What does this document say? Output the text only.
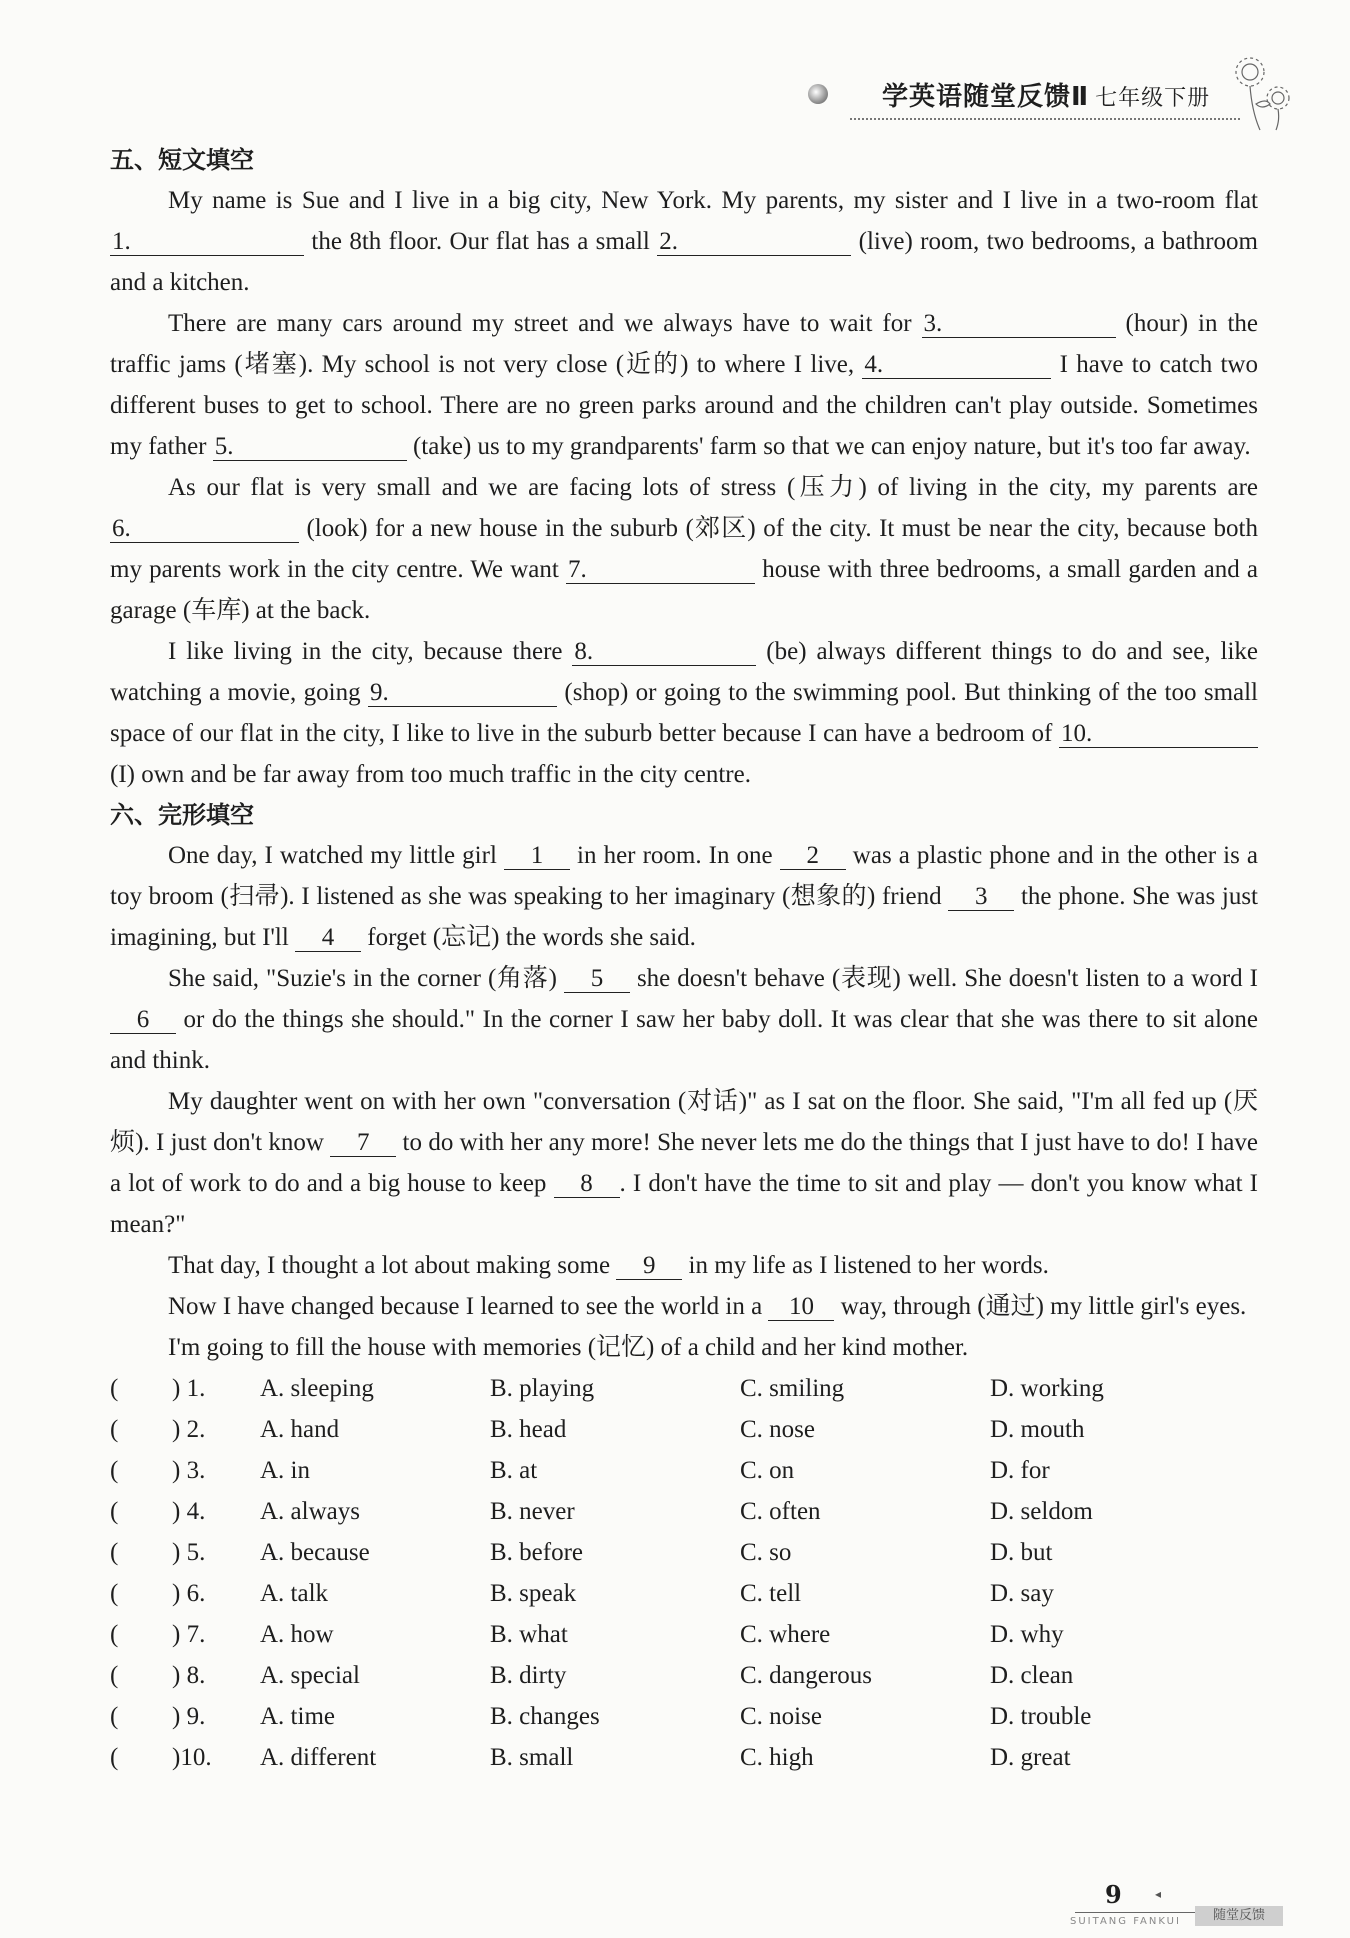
学英语随堂反馈Ⅱ 七年级下册
五、短文填空

My name is Sue and I live in a big city, New York. My parents, my sister and I live in a two-room flat 1.	the 8th floor. Our flat has a small 2.	(live) room, two bedrooms, a bathroom and a kitchen.

There are many cars around my street and we always have to wait for 3.	(hour) in the traffic jams (堵塞). My school is not very close (近的) to where I live, 4.	I have to catch two different buses to get to school. There are no green parks around and the children can't play outside. Sometimes my father 5.	(take) us to my grandparents' farm so that we can enjoy nature, but it's too far away.

As our flat is very small and we are facing lots of stress (压力) of living in the city, my parents are 6.	(look) for a new house in the suburb (郊区) of the city. It must be near the city, because both my parents work in the city centre. We want 7.	house with three bedrooms, a small garden and a garage (车库) at the back.

I like living in the city, because there 8.	(be) always different things to do and see, like watching a movie, going 9.	(shop) or going to the swimming pool. But thinking of the too small space of our flat in the city, I like to live in the suburb better because I can have a bedroom of 10. (I) own and be far away from too much traffic in the city centre.

六、完形填空

One day, I watched my little girl 1 in her room. In one 2 was a plastic phone and in the other is a toy broom (扫帚). I listened as she was speaking to her imaginary (想象的) friend 3 the phone. She was just imagining, but I'll 4 forget (忘记) the words she said.

She said, "Suzie's in the corner (角落) 5 she doesn't behave (表现) well. She doesn't listen to a word I 6 or do the things she should." In the corner I saw her baby doll. It was clear that she was there to sit alone and think.

My daughter went on with her own "conversation (对话)" as I sat on the floor. She said, "I'm all fed up (厌烦). I just don't know 7 to do with her any more! She never lets me do the things that I just have to do! I have a lot of work to do and a big house to keep 8 . I don't have the time to sit and play — don't you know what I mean?"

That day, I thought a lot about making some 9 in my life as I listened to her words.

Now I have changed because I learned to see the world in a 10 way, through (通过) my little girl's eyes.

I'm going to fill the house with memories (记忆) of a child and her kind mother.

( ) 1. A. sleeping	B. playing	C. smiling	D. working
( ) 2. A. hand	B. head	C. nose	D. mouth
( ) 3. A. in	B. at	C. on	D. for
( ) 4. A. always	B. never	C. often	D. seldom
( ) 5. A. because	B. before	C. so	D. but
( ) 6. A. talk	B. speak	C. tell	D. say
( ) 7. A. how	B. what	C. where	D. why
( ) 8. A. special	B. dirty	C. dangerous	D. clean
( ) 9. A. time	B. changes	C. noise	D. trouble
( )10. A. different	B. small	C. high	D. great
9	◂
SUITANG FANKUI	随堂反馈
